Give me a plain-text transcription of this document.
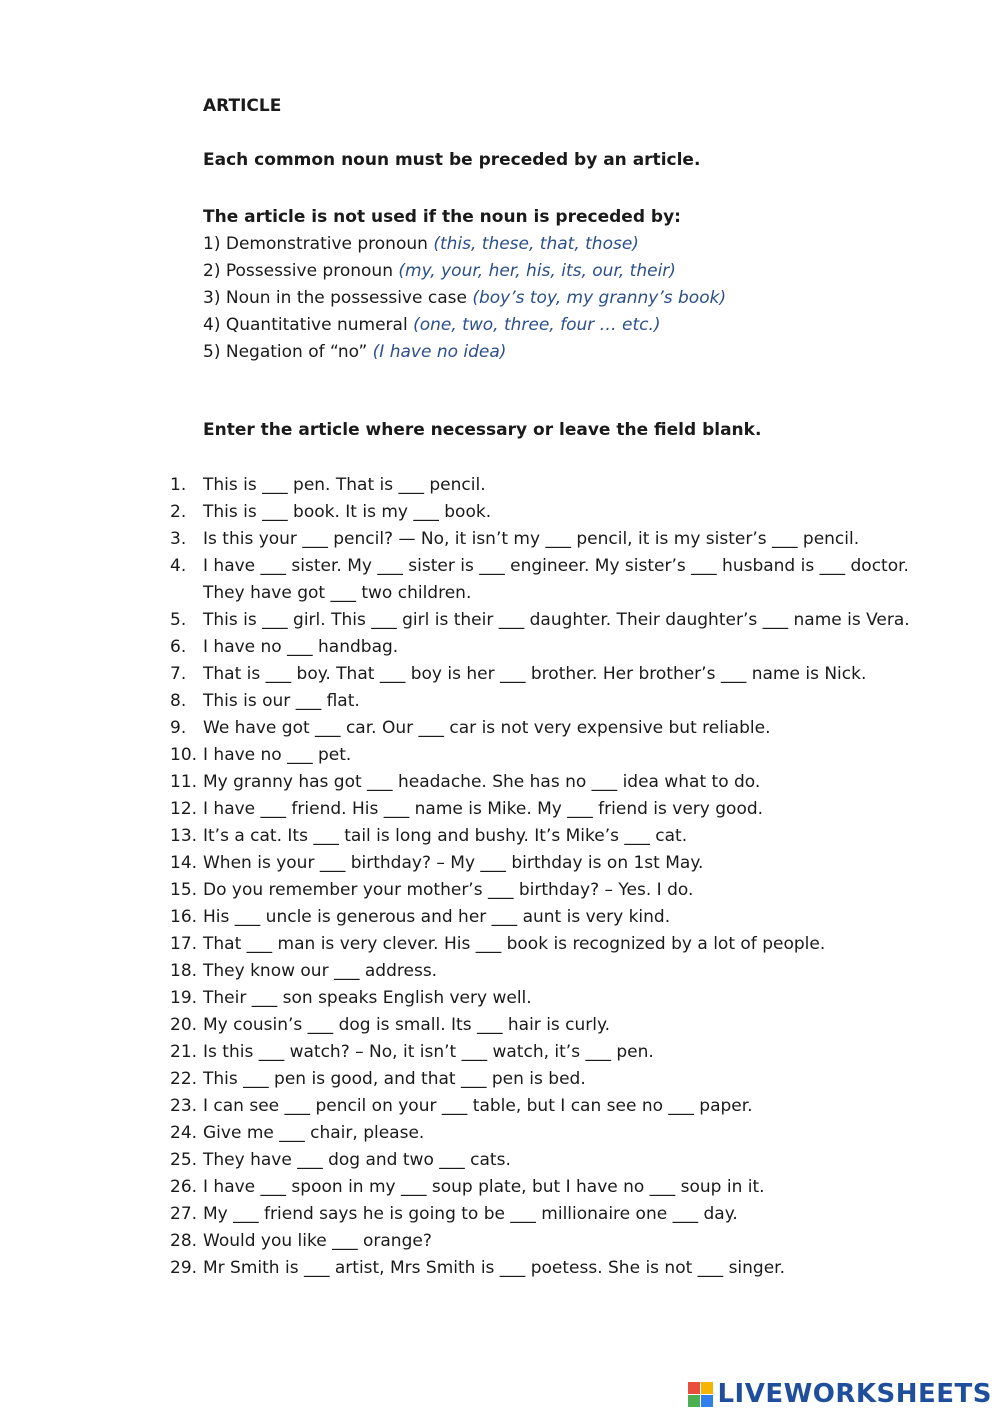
ARTICLE
Each common noun must be preceded by an article.
The article is not used if the noun is preceded by:
1) Demonstrative pronoun (this, these, that, those)
2) Possessive pronoun (my, your, her, his, its, our, their)
3) Noun in the possessive case (boy’s toy, my granny’s book)
4) Quantitative numeral (one, two, three, four … etc.)
5) Negation of “no” (I have no idea)
Enter the article where necessary or leave the field blank.
1. This is ___ pen. That is ___ pencil.
2. This is ___ book. It is my ___ book.
3. Is this your ___ pencil? — No, it isn’t my ___ pencil, it is my sister’s ___ pencil.
4. I have ___ sister. My ___ sister is ___ engineer. My sister’s ___ husband is ___ doctor. They have got ___ two children.
5. This is ___ girl. This ___ girl is their ___ daughter. Their daughter’s ___ name is Vera.
6. I have no ___ handbag.
7. That is ___ boy. That ___ boy is her ___ brother. Her brother’s ___ name is Nick.
8. This is our ___ flat.
9. We have got ___ car. Our ___ car is not very expensive but reliable.
10. I have no ___ pet.
11. My granny has got ___ headache. She has no ___ idea what to do.
12. I have ___ friend. His ___ name is Mike. My ___ friend is very good.
13. It’s a cat. Its ___ tail is long and bushy. It’s Mike’s ___ cat.
14. When is your ___ birthday? – My ___ birthday is on 1st May.
15. Do you remember your mother’s ___ birthday? – Yes. I do.
16. His ___ uncle is generous and her ___ aunt is very kind.
17. That ___ man is very clever. His ___ book is recognized by a lot of people.
18. They know our ___ address.
19. Their ___ son speaks English very well.
20. My cousin’s ___ dog is small. Its ___ hair is curly.
21. Is this ___ watch? – No, it isn’t ___ watch, it’s ___ pen.
22. This ___ pen is good, and that ___ pen is bed.
23. I can see ___ pencil on your ___ table, but I can see no ___ paper.
24. Give me ___ chair, please.
25. They have ___ dog and two ___ cats.
26. I have ___ spoon in my ___ soup plate, but I have no ___ soup in it.
27. My ___ friend says he is going to be ___ millionaire one ___ day.
28. Would you like ___ orange?
29. Mr Smith is ___ artist, Mrs Smith is ___ poetess. She is not ___ singer.
LIVEWORKSHEETS
